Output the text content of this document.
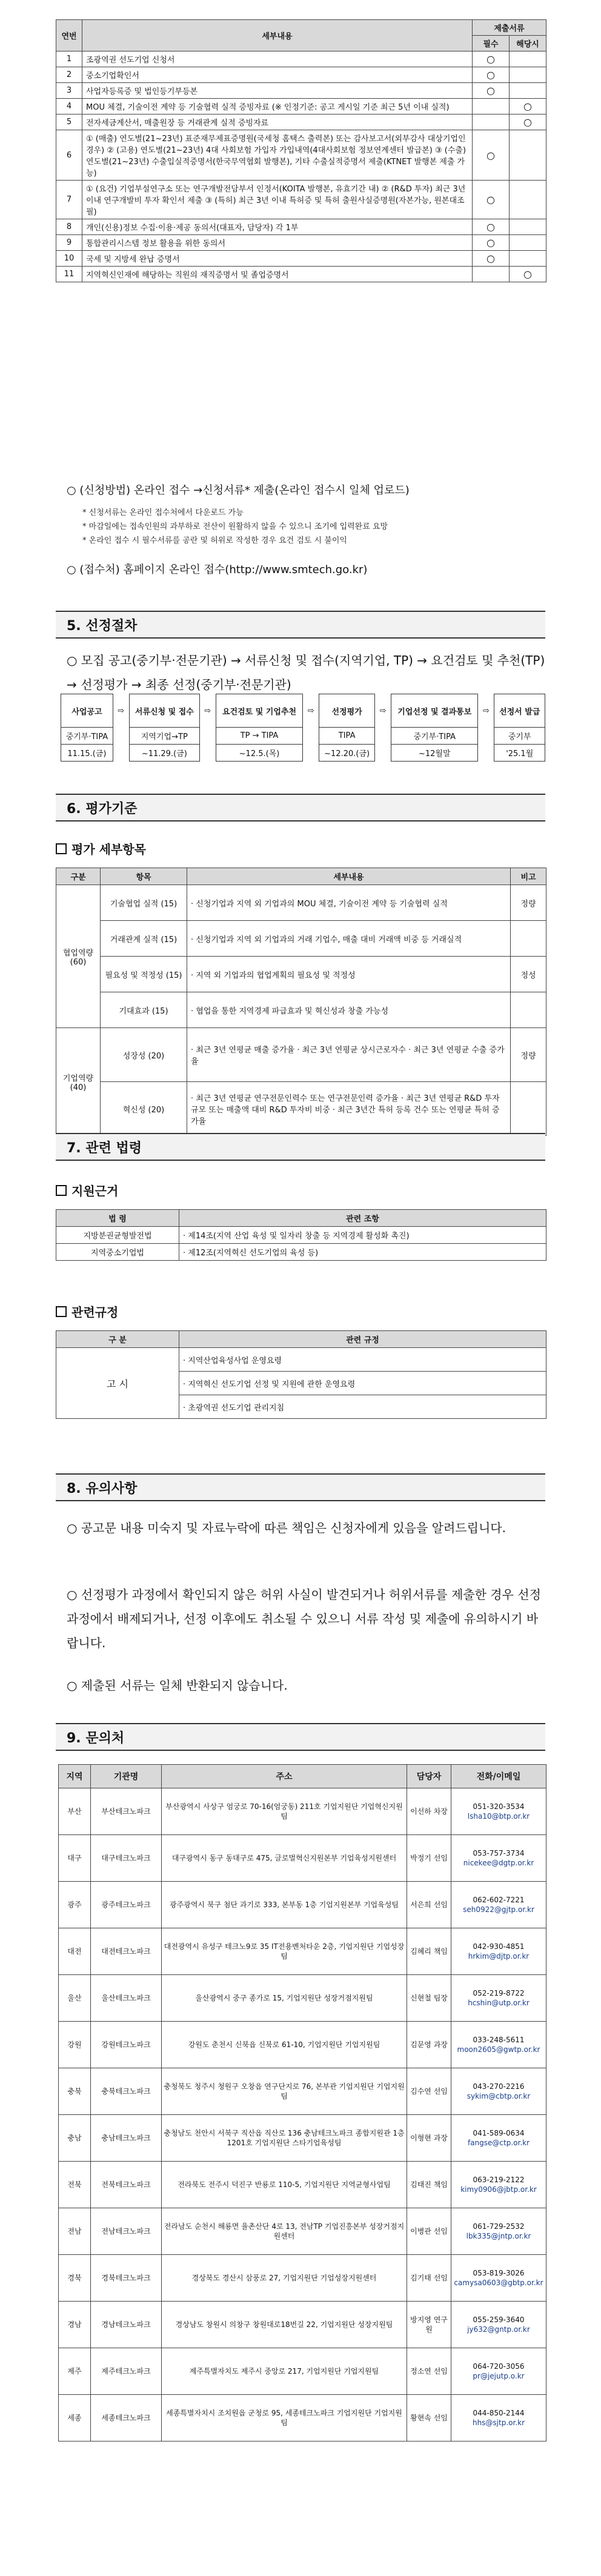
연번	세부내용	제출서류	
		필수	해당시
1	조광역권 선도기업 신청서	○	
2	중소기업확인서	○	
3	사업자등록증 및 법인등기부등본	○	
4	MOU 체결, 기술이전 계약 등 기술협력 실적 증빙자료 (※ 인정기준: 공고 게시일 기준 최근 5년 이내 실적)		○
5	전자세금계산서, 매출원장 등 거래관계 실적 증빙자료		○
6	① (매출) 연도별(21~23년) 표준재무제표증명원(국세청 홈택스 출력본) 또는 감사보고서(외부감사 대상기업인 경우) ② (고용) 연도별(21~23년) 4대 사회보험 가입자 가입내역(4대사회보험 정보연계센터 발급본) ③ (수출) 연도별(21~23년) 수출입실적증명서(한국무역협회 발행본), 기타 수출실적증명서 제출(KTNET 발행본 제출 가능)	○	
7	① (요건) 기업부설연구소 또는 연구개발전담부서 인정서(KOITA 발행본, 유효기간 내) ② (R&D 투자) 최근 3년 이내 연구개발비 투자 확인서 제출 ③ (특허) 최근 3년 이내 특허증 및 특허 출원사실증명원(자본가능, 원본대조필)	○	
8	개인(신용)정보 수집·이용·제공 동의서(대표자, 담당자) 각 1부	○	
9	통합관리시스템 정보 활용을 위한 동의서	○	
10	국세 및 지방세 완납 증명서	○	
11	지역혁신인재에 해당하는 직원의 재직증명서 및 졸업증명서		○

○ (신청방법) 온라인 접수 →신청서류* 제출(온라인 접수시 일체 업로드)

* 신청서류는 온라인 접수처에서 다운로드 가능

* 마감일에는 접속인원의 과부하로 전산이 원활하지 않을 수 있으니 조기에 입력완료 요망

* 온라인 접수 시 필수서류를 공란 및 허위로 작성한 경우 요건 검토 시 불이익

○ (접수처) 홈페이지 온라인 접수(http://www.smtech.go.kr)

5. 선정절차
○ 모집 공고(중기부·전문기관) → 서류신청 및 접수(지역기업, TP) → 요건검토 및 추천(TP) → 선정평가 → 최종 선정(중기부·전문기관)
사업공고	⇨	서류신청 및 접수	⇨	요건검토 및 기업추천	⇨	선정평가	⇨	기업선정 및 결과통보	⇨	선정서 발급
중기부·TIPA		지역기업→TP		TP → TIPA		TIPA		중기부·TIPA		중기부
11.15.(금)		~11.29.(금)		~12.5.(목)		~12.20.(금)		~12월말		'25.1월
6. 평가기준
평가 세부항목
구분	항목	세부내용	비고
협업역량 (60)	기술협업 실적 (15)	· 신청기업과 지역 외 기업과의 MOU 체결, 기술이전 계약 등 기술협력 실적	정량
	거래관계 실적 (15)	· 신청기업과 지역 외 기업과의 거래 기업수, 매출 대비 거래액 비중 등 거래실적	
	필요성 및 적정성 (15)	· 지역 외 기업과의 협업계획의 필요성 및 적정성	정성
	기대효과 (15)	· 협업을 통한 지역경제 파급효과 및 혁신성과 창출 가능성	
기업역량 (40)	성장성 (20)	· 최근 3년 연평균 매출 증가율 · 최근 3년 연평균 상시근로자수 · 최근 3년 연평균 수출 증가율	정량
	혁신성 (20)	· 최근 3년 연평균 연구전문인력수 또는 연구전문인력 증가율 · 최근 3년 연평균 R&D 투자규모 또는 매출액 대비 R&D 투자비 비중 · 최근 3년간 특허 등록 건수 또는 연평균 특허 증가율	
7. 관련 법령
지원근거
법 령	관련 조항
지방분권균형발전법	· 제14조(지역 산업 육성 및 일자리 창출 등 지역경제 활성화 촉진)
지역중소기업법	· 제12조(지역혁신 선도기업의 육성 등)
관련규정
구 분	관련 규정
고 시	· 지역산업육성사업 운영요령
	· 지역혁신 선도기업 선정 및 지원에 관한 운영요령
	· 초광역권 선도기업 관리지침
8. 유의사항
○ 공고문 내용 미숙지 및 자료누락에 따른 책임은 신청자에게 있음을 알려드립니다.
○ 선정평가 과정에서 확인되지 않은 허위 사실이 발견되거나 허위서류를 제출한 경우 선정과정에서 배제되거나, 선정 이후에도 취소될 수 있으니 서류 작성 및 제출에 유의하시기 바랍니다.
○ 제출된 서류는 일체 반환되지 않습니다.
9. 문의처
지역	기관명	주소	담당자	전화/이메일
부산	부산테크노파크	부산광역시 사상구 엄궁로 70-16(엄궁동) 211호 기업지원단 기업혁신지원팀	이선하 차장	051-320-3534
lsha10@btp.or.kr

대구	대구테크노파크	대구광역시 동구 동대구로 475, 글로벌혁신지원본부 기업육성지원센터	박정기 선임	053-757-3734
nicekee@dgtp.or.kr

광주	광주테크노파크	광주광역시 북구 첨단 과기로 333, 본부동 1층 기업지원본부 기업육성팀	서은희 선임	062-602-7221
seh0922@gjtp.or.kr

대전	대전테크노파크	대전광역시 유성구 테크노9로 35 IT전용벤처타운 2층, 기업지원단 기업성장팀	김혜리 책임	042-930-4851
hrkim@djtp.or.kr

울산	울산테크노파크	울산광역시 중구 종가로 15, 기업지원단 성장거점지원팀	신현철 팀장	052-219-8722
hcshin@utp.or.kr

강원	강원테크노파크	강원도 춘천시 신북읍 신북로 61-10, 기업지원단 기업지원팀	김문영 과장	033-248-5611
moon2605@gwtp.or.kr

충북	충북테크노파크	충청북도 청주시 청원구 오창읍 연구단지로 76, 본부관 기업지원단 기업지원팀	김수연 선임	043-270-2216
sykim@cbtp.or.kr

충남	충남테크노파크	충청남도 천안시 서북구 직산읍 직산로 136 충남테크노파크 종합지원관 1층 1201호 기업지원단 스타기업육성팀	이형현 과장	041-589-0634
fangse@ctp.or.kr

전북	전북테크노파크	전라북도 전주시 덕진구 반룡로 110-5, 기업지원단 지역균형사업팀	김태진 책임	063-219-2122
kimy0906@jbtp.or.kr

전남	전남테크노파크	전라남도 순천시 해룡면 율촌산단 4로 13, 전남TP 기업진흥본부 성장거점지원센터	이병관 선임	061-729-2532
lbk335@jntp.or.kr

경북	경북테크노파크	경상북도 경산시 삼풍로 27, 기업지원단 기업성장지원센터	김기태 선임	053-819-3026
camysa0603@gbtp.or.kr

경남	경남테크노파크	경상남도 창원시 의창구 창원대로18번길 22, 기업지원단 성장지원팀	방지영 연구원	055-259-3640
jy632@gntp.or.kr

제주	제주테크노파크	제주특별자치도 제주시 중앙로 217, 기업지원단 기업지원팀	정소연 선임	064-720-3056
pr@jejutp.o.kr

세종	세종테크노파크	세종특별자치시 조치원읍 군청로 95, 세종테크노파크 기업지원단 기업지원팀	황현속 선임	044-850-2144
hhs@sjtp.or.kr
